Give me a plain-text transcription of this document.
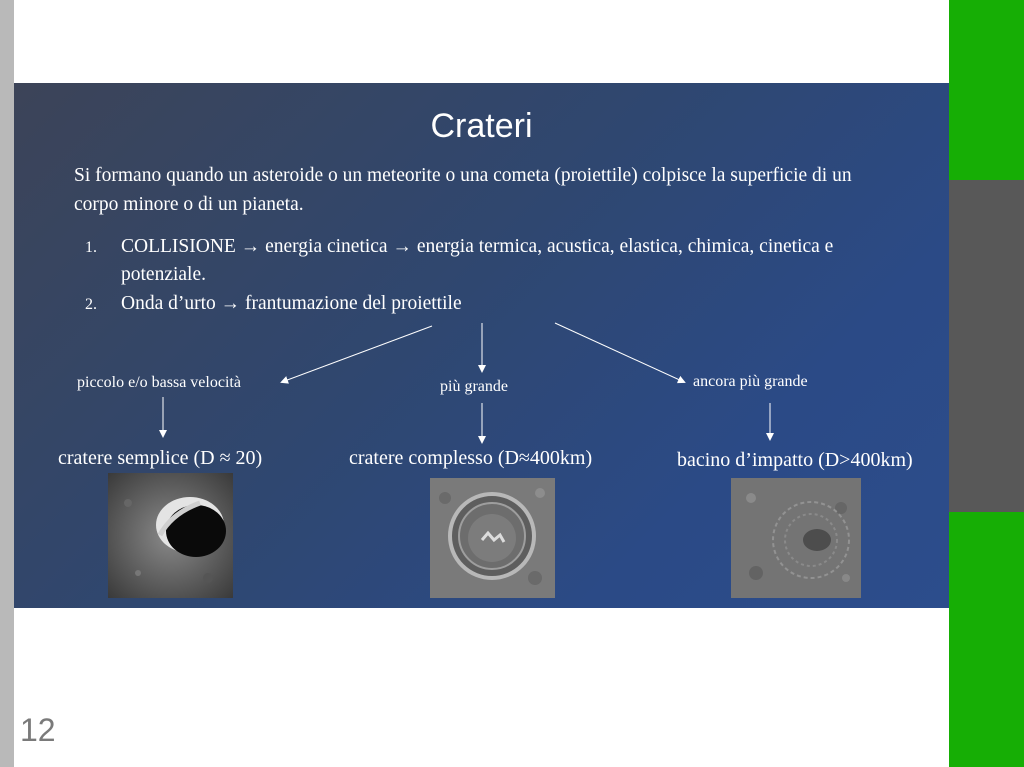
Crateri
Si formano quando un asteroide o un meteorite o una cometa (proiettile) colpisce la superficie di un corpo minore o di un pianeta.
1. COLLISIONE → energia cinetica → energia termica, acustica, elastica, chimica, cinetica e potenziale.
2. Onda d’urto → frantumazione del proiettile
piccolo e/o bassa velocità	più grande	ancora più grande
cratere semplice (D ≈ 20)	cratere complesso (D≈400km)	bacino d’impatto (D>400km)
12
